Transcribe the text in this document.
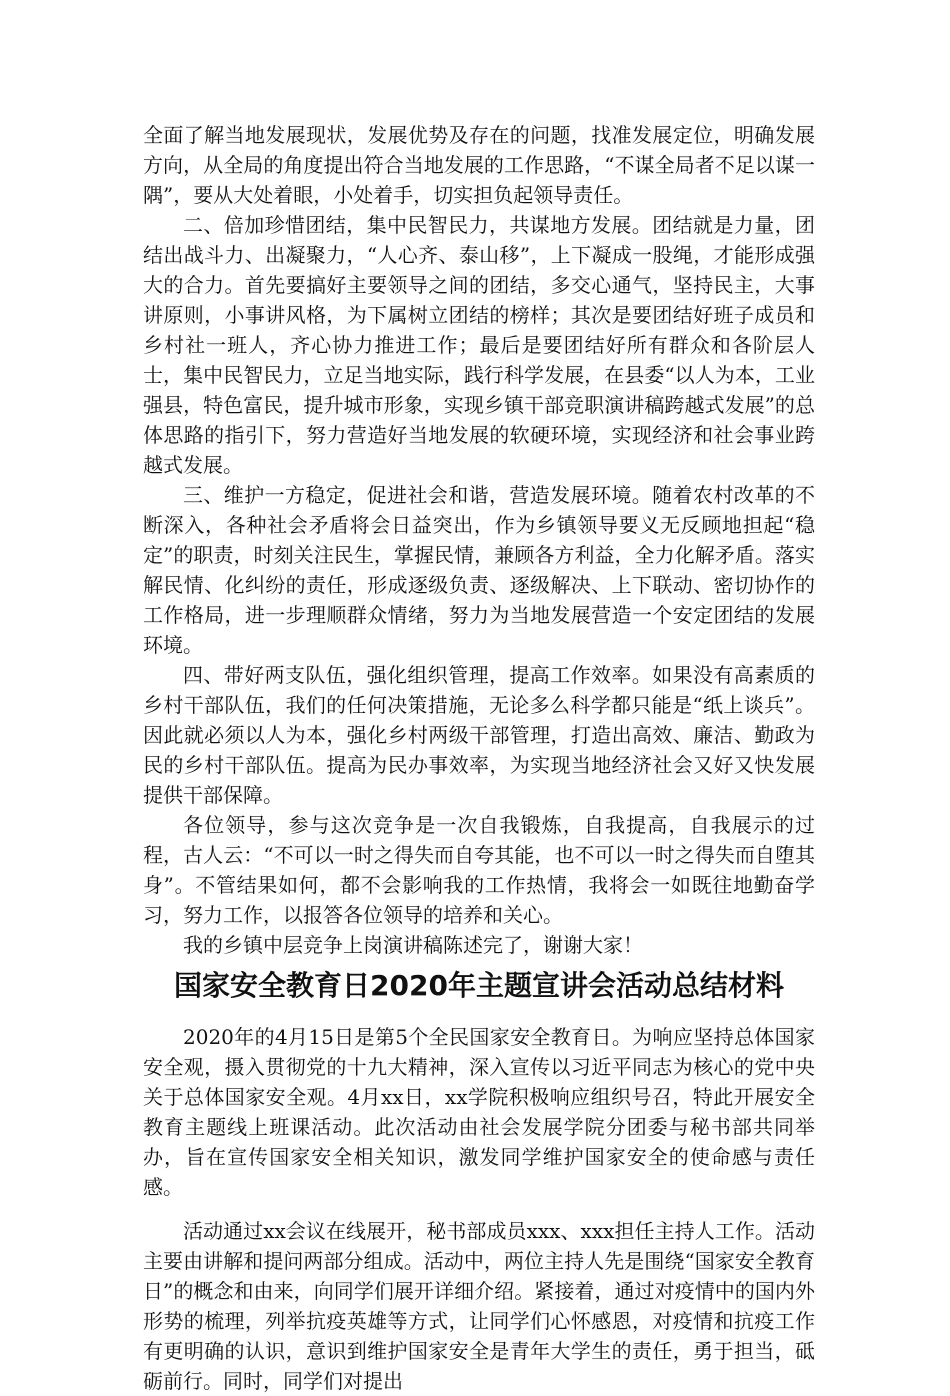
全面了解当地发展现状，发展优势及存在的问题，找准发展定位，明确发展方向，从全局的角度提出符合当地发展的工作思路，“不谋全局者不足以谋一隅”，要从大处着眼，小处着手，切实担负起领导责任。

二、倍加珍惜团结，集中民智民力，共谋地方发展。团结就是力量，团结出战斗力、出凝聚力，“人心齐、泰山移”，上下凝成一股绳，才能形成强大的合力。首先要搞好主要领导之间的团结，多交心通气，坚持民主，大事讲原则，小事讲风格，为下属树立团结的榜样；其次是要团结好班子成员和乡村社一班人，齐心协力推进工作；最后是要团结好所有群众和各阶层人士，集中民智民力，立足当地实际，践行科学发展，在县委“以人为本，工业强县，特色富民，提升城市形象，实现乡镇干部竞职演讲稿跨越式发展”的总体思路的指引下，努力营造好当地发展的软硬环境，实现经济和社会事业跨越式发展。

三、维护一方稳定，促进社会和谐，营造发展环境。随着农村改革的不断深入，各种社会矛盾将会日益突出，作为乡镇领导要义无反顾地担起“稳定”的职责，时刻关注民生，掌握民情，兼顾各方利益，全力化解矛盾。落实解民情、化纠纷的责任，形成逐级负责、逐级解决、上下联动、密切协作的工作格局，进一步理顺群众情绪，努力为当地发展营造一个安定团结的发展环境。

四、带好两支队伍，强化组织管理，提高工作效率。如果没有高素质的乡村干部队伍，我们的任何决策措施，无论多么科学都只能是“纸上谈兵”。因此就必须以人为本，强化乡村两级干部管理，打造出高效、廉洁、勤政为民的乡村干部队伍。提高为民办事效率，为实现当地经济社会又好又快发展提供干部保障。

各位领导，参与这次竞争是一次自我锻炼，自我提高，自我展示的过程，古人云：“不可以一时之得失而自夸其能，也不可以一时之得失而自堕其身”。不管结果如何，都不会影响我的工作热情，我将会一如既往地勤奋学习，努力工作，以报答各位领导的培养和关心。

我的乡镇中层竞争上岗演讲稿陈述完了，谢谢大家！

国家安全教育日2020年主题宣讲会活动总结材料

2020年的4月15日是第5个全民国家安全教育日。为响应坚持总体国家安全观，摄入贯彻党的十九大精神，深入宣传以习近平同志为核心的党中央关于总体国家安全观。4月xx日，xx学院积极响应组织号召，特此开展安全教育主题线上班课活动。此次活动由社会发展学院分团委与秘书部共同举办，旨在宣传国家安全相关知识，激发同学维护国家安全的使命感与责任感。

活动通过xx会议在线展开，秘书部成员xxx、xxx担任主持人工作。活动主要由讲解和提问两部分组成。活动中，两位主持人先是围绕“国家安全教育日”的概念和由来，向同学们展开详细介绍。紧接着，通过对疫情中的国内外形势的梳理，列举抗疫英雄等方式，让同学们心怀感恩，对疫情和抗疫工作有更明确的认识，意识到维护国家安全是青年大学生的责任，勇于担当，砥砺前行。同时，同学们对提出
